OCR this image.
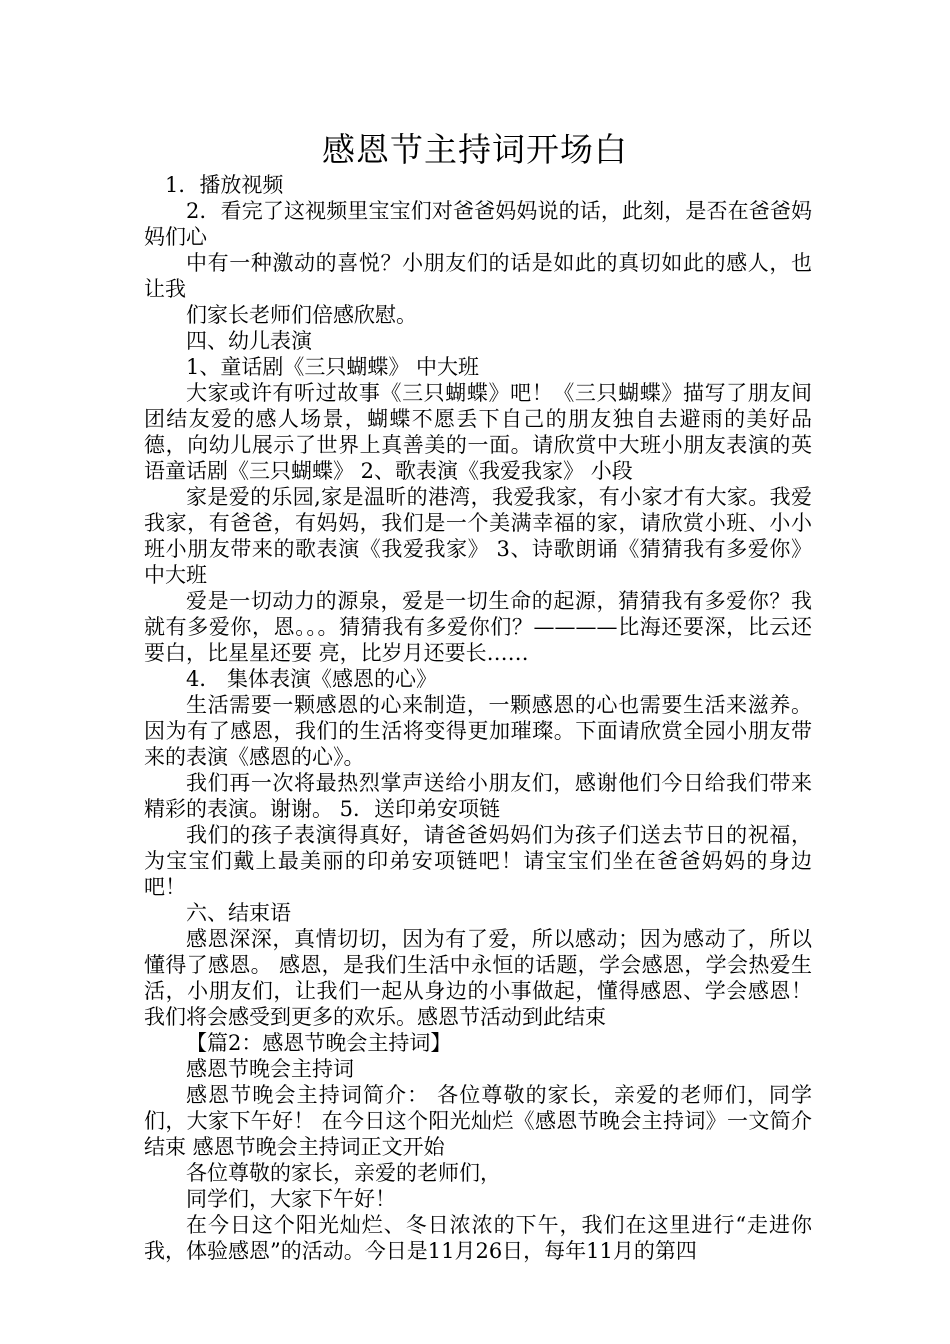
感恩节主持词开场白

1．播放视频

2．看完了这视频里宝宝们对爸爸妈妈说的话，此刻，是否在爸爸妈妈们心

中有一种激动的喜悦？小朋友们的话是如此的真切如此的感人，也让我

们家长老师们倍感欣慰。

四、幼儿表演

1、童话剧《三只蝴蝶》 中大班

大家或许有听过故事《三只蝴蝶》吧！《三只蝴蝶》描写了朋友间团结友爱的感人场景，蝴蝶不愿丢下自己的朋友独自去避雨的美好品德，向幼儿展示了世界上真善美的一面。请欣赏中大班小朋友表演的英语童话剧《三只蝴蝶》 2、歌表演《我爱我家》 小段

家是爱的乐园,家是温昕的港湾，我爱我家，有小家才有大家。我爱我家，有爸爸，有妈妈，我们是一个美满幸福的家，请欣赏小班、小小班小朋友带来的歌表演《我爱我家》 3、诗歌朗诵《猜猜我有多爱你》 中大班

爱是一切动力的源泉，爱是一切生命的起源，猜猜我有多爱你？我就有多爱你，恩。。。猜猜我有多爱你们？————比海还要深，比云还要白，比星星还要 亮，比岁月还要长……

4． 集体表演《感恩的心》

生活需要一颗感恩的心来制造，一颗感恩的心也需要生活来滋养。因为有了感恩，我们的生活将变得更加璀璨。下面请欣赏全园小朋友带来的表演《感恩的心》。

我们再一次将最热烈掌声送给小朋友们，感谢他们今日给我们带来精彩的表演。谢谢。 5．送印弟安项链

我们的孩子表演得真好，请爸爸妈妈们为孩子们送去节日的祝福，为宝宝们戴上最美丽的印弟安项链吧！请宝宝们坐在爸爸妈妈的身边吧！

六、结束语

感恩深深，真情切切，因为有了爱，所以感动；因为感动了，所以懂得了感恩。 感恩，是我们生活中永恒的话题，学会感恩，学会热爱生活，小朋友们，让我们一起从身边的小事做起，懂得感恩、学会感恩！我们将会感受到更多的欢乐。感恩节活动到此结束

【篇2：感恩节晚会主持词】

感恩节晚会主持词

感恩节晚会主持词简介： 各位尊敬的家长，亲爱的老师们，同学们，大家下午好！ 在今日这个阳光灿烂《感恩节晚会主持词》一文简介结束 感恩节晚会主持词正文开始

各位尊敬的家长，亲爱的老师们，

同学们，大家下午好！

在今日这个阳光灿烂、冬日浓浓的下午，我们在这里进行“走进你我，体验感恩”的活动。今日是11月26日，每年11月的第四
